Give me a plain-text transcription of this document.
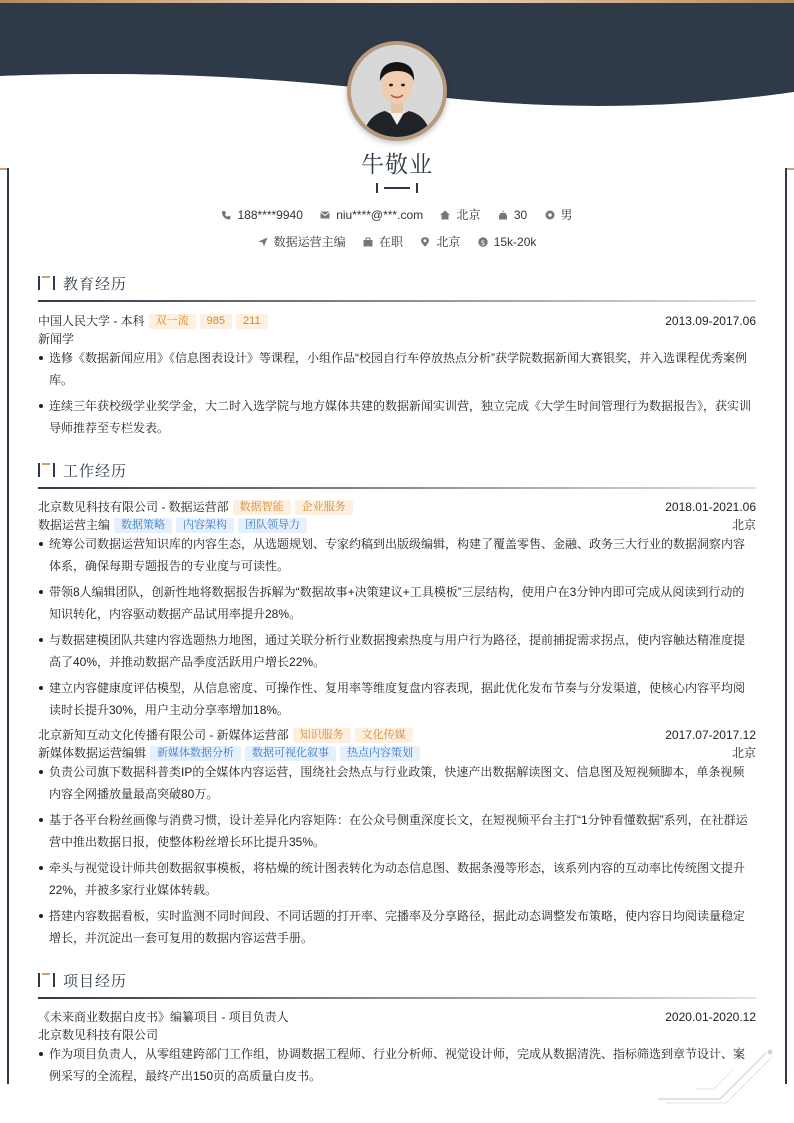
牛敬业
188****9940	niu****@***.com	北京	30	男
数据运营主编	在职	北京	$ 15k-20k
教育经历
中国人民大学 - 本科 双一流 985 211	2013.09-2017.06
新闻学
选修《数据新闻应用》《信息图表设计》等课程，小组作品“校园自行车停放热点分析”获学院数据新闻大赛银奖，并入选课程优秀案例库。
连续三年获校级学业奖学金，大二时入选学院与地方媒体共建的数据新闻实训营，独立完成《大学生时间管理行为数据报告》，获实训导师推荐至专栏发表。
工作经历
北京数见科技有限公司 - 数据运营部 数据智能 企业服务	2018.01-2021.06
数据运营主编 数据策略 内容架构 团队领导力	北京
统筹公司数据运营知识库的内容生态，从选题规划、专家约稿到出版级编辑，构建了覆盖零售、金融、政务三大行业的数据洞察内容体系，确保每期专题报告的专业度与可读性。
带领8人编辑团队，创新性地将数据报告拆解为“数据故事+决策建议+工具模板”三层结构，使用户在3分钟内即可完成从阅读到行动的知识转化，内容驱动数据产品试用率提升28%。
与数据建模团队共建内容选题热力地图，通过关联分析行业数据搜索热度与用户行为路径，提前捕捉需求拐点，使内容触达精准度提高了40%，并推动数据产品季度活跃用户增长22%。
建立内容健康度评估模型，从信息密度、可操作性、复用率等维度复盘内容表现，据此优化发布节奏与分发渠道，使核心内容平均阅读时长提升30%，用户主动分享率增加18%。
北京新知互动文化传播有限公司 - 新媒体运营部 知识服务 文化传媒	2017.07-2017.12
新媒体数据运营编辑 新媒体数据分析 数据可视化叙事 热点内容策划	北京
负责公司旗下数据科普类IP的全媒体内容运营，围绕社会热点与行业政策，快速产出数据解读图文、信息图及短视频脚本，单条视频内容全网播放量最高突破80万。
基于各平台粉丝画像与消费习惯，设计差异化内容矩阵：在公众号侧重深度长文，在短视频平台主打“1分钟看懂数据”系列，在社群运营中推出数据日报，使整体粉丝增长环比提升35%。
牵头与视觉设计师共创数据叙事模板，将枯燥的统计图表转化为动态信息图、数据条漫等形态，该系列内容的互动率比传统图文提升22%，并被多家行业媒体转载。
搭建内容数据看板，实时监测不同时间段、不同话题的打开率、完播率及分享路径，据此动态调整发布策略，使内容日均阅读量稳定增长，并沉淀出一套可复用的数据内容运营手册。
项目经历
《未来商业数据白皮书》编纂项目 - 项目负责人	2020.01-2020.12
北京数见科技有限公司
作为项目负责人，从零组建跨部门工作组，协调数据工程师、行业分析师、视觉设计师，完成从数据清洗、指标筛选到章节设计、案例采写的全流程，最终产出150页的高质量白皮书。
